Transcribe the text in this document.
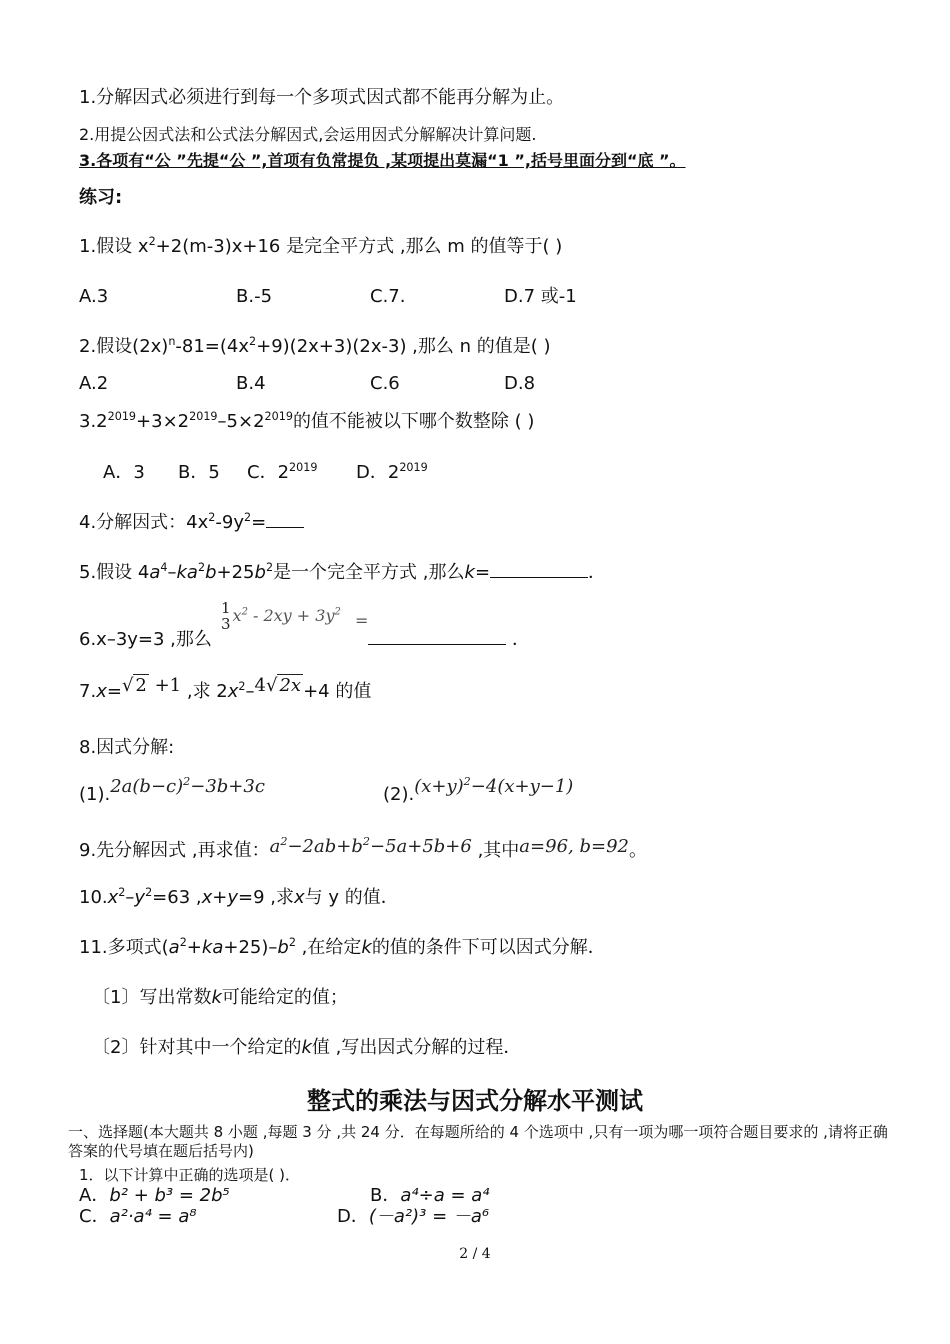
1.分解因式必须进行到每一个多项式因式都不能再分解为止。
2.用提公因式法和公式法分解因式,会运用因式分解解决计算问题.
3.各项有“公 ”先提“公 ”,首项有负常提负 ,某项提出莫漏“1 ”,括号里面分到“底 ”。
练习:
1.假设 $x^2+2(m-3)x+16$ 是完全平方式 ,那么 m 的值等于( )
A.3	B.-5	C.7.	D.7 或-1
2.假设$(2x)^n-81=(4x^2+9)(2x+3)(2x-3)$ ,那么 n 的值是( )
A.2	B.4	C.6	D.8
$3.2^{2019}+3\times 2^{2019}-5\times 2^{2019}$的值不能被以下哪个数整除 ( )
A．3 B．5 C．$2^{2019}$ D．$2^{2019}$
4.分解因式：$4x^2-9y^2=$
5.假设 $4a^4-ka^2b+25b^2$是一个完全平方式 ,那么k=	．
6.x–3y=3 ,那么
1
3 $x^2 - 2xy + 3y^2$ =
．
7.x=√ 2 +1 ,求 $2x^2-4√$ 2x +4 的值
8.因式分解:
$(1).2a(b-c)^2-3b+3c$	$(2).(x+y)^2-4(x+y-1)$
9.先分解因式 ,再求值：$a^2-2ab+b^2-5a+5b+6$ ,其中a=96, b=92。
$10.x^2-y^2=63$ ,x+y=9 ,求x与 y 的值．
11.多项式$(a^2+ka+25)-b^2$ ,在给定k的值的条件下可以因式分解．
〔1〕写出常数k可能给定的值；
〔2〕针对其中一个给定的k值 ,写出因式分解的过程．
整式的乘法与因式分解水平测试
一、选择题(本大题共 8 小题 ,每题 3 分 ,共 24 分．在每题所给的 4 个选项中 ,只有一项为哪一项符合题目要求的 ,请将正确答案的代号填在题后括号内)
1．以下计算中正确的选项是( )．
A．b² + b³ = 2b⁵	B．a⁴÷a = a⁴
C．a²·a⁴ = a⁸	D．(－a²)³ = －a⁶
2 / 4
